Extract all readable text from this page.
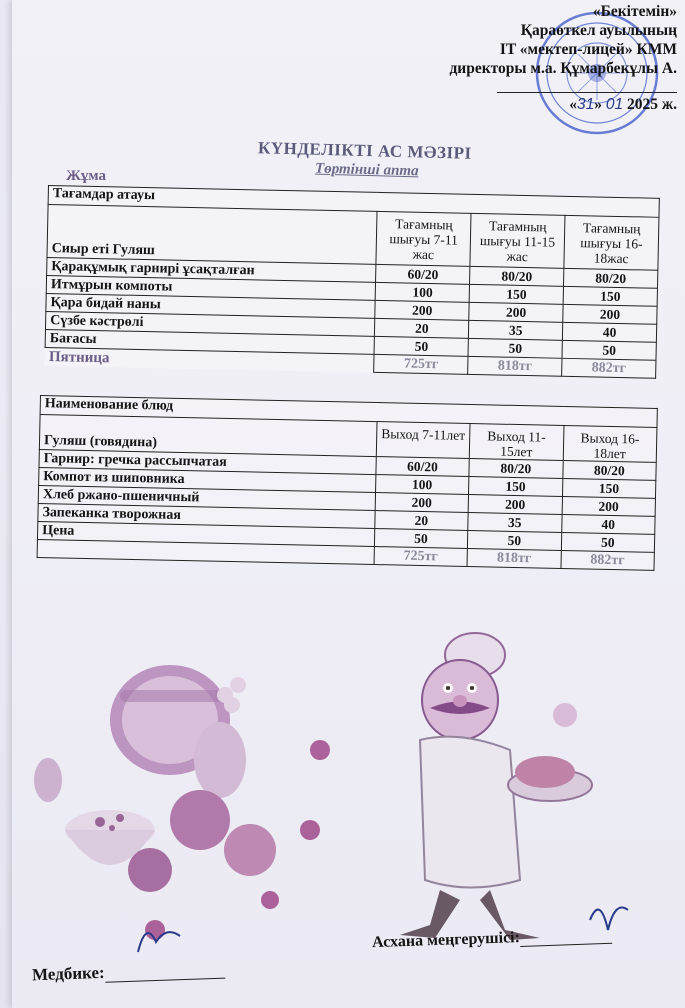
«Бекітемін»
Қараөткел ауылының
IT «мектеп-лицей» КММ
директоры м.а. Құмарбекұлы А.
«31» 01 2025 ж.
КҮНДЕЛІКТІ АС МӘЗІРІ
Төртінші апта
Жұма
Тағамдар атауы			
Сиыр еті Гуляш	Тағамның шығуы 7-11 жас	Тағамның шығуы 11-15 жас	Тағамның шығуы 16-18жас
Қарақұмық гарнирі ұсақталған	60/20	80/20	80/20
Итмұрын компоты	100	150	150
Қара бидай наны	200	200	200
Сүзбе кәстрөлі	20	35	40
Бағасы	50	50	50
Пятница	725тг	818тг	882тг
Наименование блюд			
Гуляш (говядина)	Выход 7-11лет	Выход 11-15лет	Выход 16-18лет
Гарнир: гречка рассыпчатая	60/20	80/20	80/20
Компот из шиповника	100	150	150
Хлеб ржано-пшеничный	200	200	200
Запеканка творожная	20	35	40
Цена	50	50	50
	725тг	818тг	882тг
Асхана меңгерушісі:
Медбике:
